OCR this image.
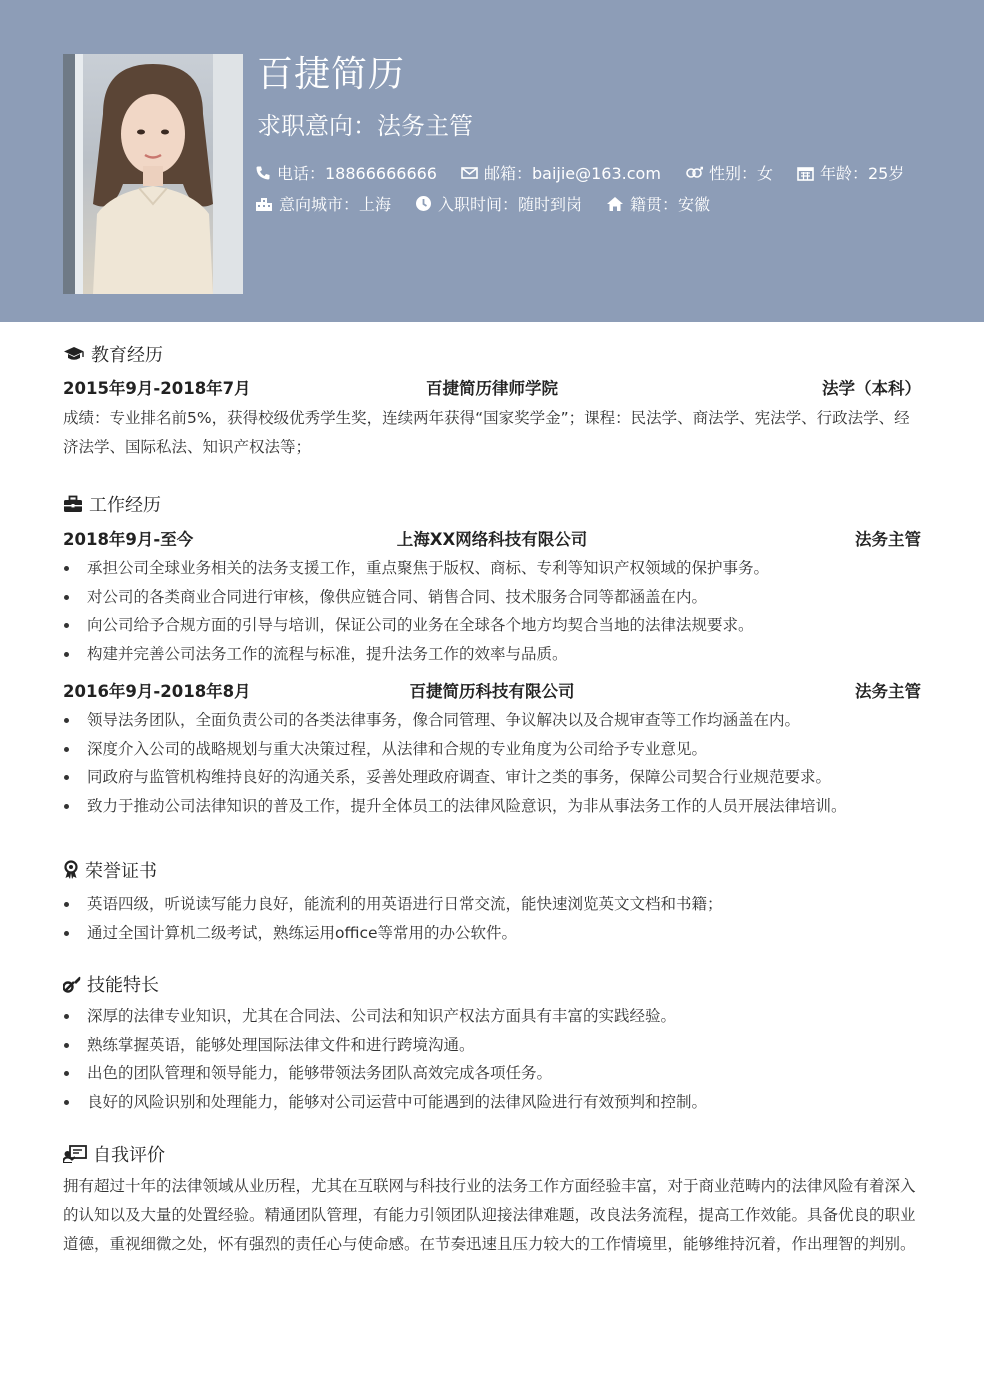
百捷简历
求职意向：法务主管
电话：18866666666	邮箱：baijie@163.com	性别：女	年龄：25岁
意向城市：上海	入职时间：随时到岗	籍贯：安徽
教育经历
2015年9月-2018年7月	百捷简历律师学院	法学（本科）

成绩：专业排名前5%，获得校级优秀学生奖，连续两年获得“国家奖学金”；课程：民法学、商法学、宪法学、行政法学、经济法学、国际私法、知识产权法等；

工作经历
2018年9月-至今	上海XX网络科技有限公司	法务主管
承担公司全球业务相关的法务支援工作，重点聚焦于版权、商标、专利等知识产权领域的保护事务。
对公司的各类商业合同进行审核，像供应链合同、销售合同、技术服务合同等都涵盖在内。
向公司给予合规方面的引导与培训，保证公司的业务在全球各个地方均契合当地的法律法规要求。
构建并完善公司法务工作的流程与标准，提升法务工作的效率与品质。
2016年9月-2018年8月	百捷简历科技有限公司	法务主管
领导法务团队，全面负责公司的各类法律事务，像合同管理、争议解决以及合规审查等工作均涵盖在内。
深度介入公司的战略规划与重大决策过程，从法律和合规的专业角度为公司给予专业意见。
同政府与监管机构维持良好的沟通关系，妥善处理政府调查、审计之类的事务，保障公司契合行业规范要求。
致力于推动公司法律知识的普及工作，提升全体员工的法律风险意识，为非从事法务工作的人员开展法律培训。
荣誉证书
英语四级，听说读写能力良好，能流利的用英语进行日常交流，能快速浏览英文文档和书籍；
通过全国计算机二级考试，熟练运用office等常用的办公软件。
技能特长
深厚的法律专业知识，尤其在合同法、公司法和知识产权法方面具有丰富的实践经验。
熟练掌握英语，能够处理国际法律文件和进行跨境沟通。
出色的团队管理和领导能力，能够带领法务团队高效完成各项任务。
良好的风险识别和处理能力，能够对公司运营中可能遇到的法律风险进行有效预判和控制。
自我评价

拥有超过十年的法律领域从业历程，尤其在互联网与科技行业的法务工作方面经验丰富，对于商业范畴内的法律风险有着深入的认知以及大量的处置经验。精通团队管理，有能力引领团队迎接法律难题，改良法务流程，提高工作效能。具备优良的职业道德，重视细微之处，怀有强烈的责任心与使命感。在节奏迅速且压力较大的工作情境里，能够维持沉着，作出理智的判别。
